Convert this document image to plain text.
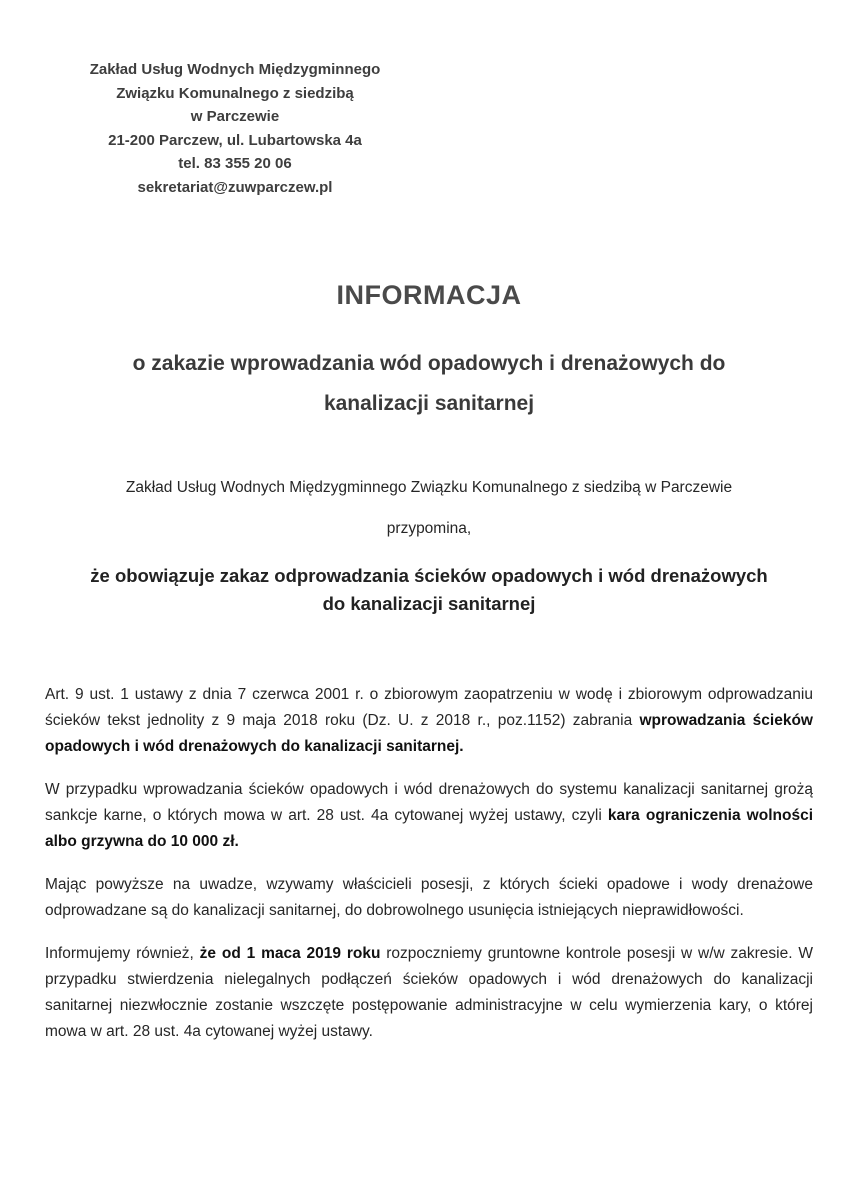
Zakład Usług Wodnych Międzygminnego
Związku Komunalnego z siedzibą
w Parczewie
21-200 Parczew, ul. Lubartowska 4a
tel. 83 355 20 06
sekretariat@zuwparczew.pl
INFORMACJA
o zakazie wprowadzania wód opadowych i drenażowych do
kanalizacji sanitarnej
Zakład Usług Wodnych Międzygminnego Związku Komunalnego z siedzibą w Parczewie
przypomina,
że obowiązuje zakaz odprowadzania ścieków opadowych i wód drenażowych
do kanalizacji sanitarnej

Art. 9 ust. 1 ustawy z dnia 7 czerwca 2001 r. o zbiorowym zaopatrzeniu w wodę i zbiorowym odprowadzaniu ścieków tekst jednolity z 9 maja 2018 roku (Dz. U. z 2018 r., poz.1152) zabrania wprowadzania ścieków opadowych i wód drenażowych do kanalizacji sanitarnej.

W przypadku wprowadzania ścieków opadowych i wód drenażowych do systemu kanalizacji sanitarnej grożą sankcje karne, o których mowa w art. 28 ust. 4a cytowanej wyżej ustawy, czyli kara ograniczenia wolności albo grzywna do 10 000 zł.

Mając powyższe na uwadze, wzywamy właścicieli posesji, z których ścieki opadowe i wody drenażowe odprowadzane są do kanalizacji sanitarnej, do dobrowolnego usunięcia istniejących nieprawidłowości.

Informujemy również, że od 1 maca 2019 roku rozpoczniemy gruntowne kontrole posesji w w/w zakresie. W przypadku stwierdzenia nielegalnych podłączeń ścieków opadowych i wód drenażowych do kanalizacji sanitarnej niezwłocznie zostanie wszczęte postępowanie administracyjne w celu wymierzenia kary, o której mowa w art. 28 ust. 4a cytowanej wyżej ustawy.
